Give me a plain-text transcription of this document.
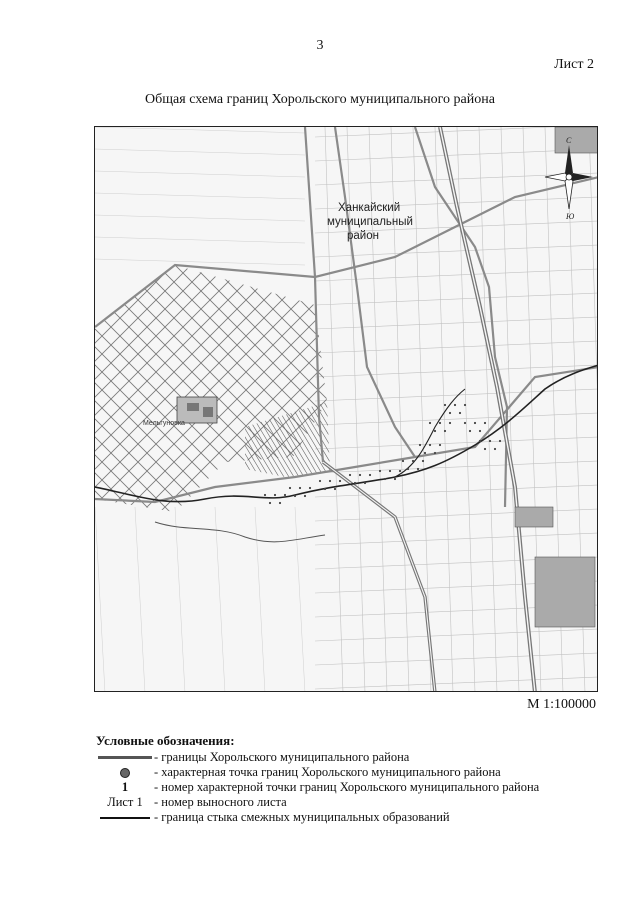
3
Лист 2
Общая схема границ Хорольского муниципального района
Мельгуновка
Ханкайский
муниципальный
район
С
Ю
М 1:100000
Условные обозначения:
- границы Хорольского муниципального района
- характерная точка границ Хорольского муниципального района
1	- номер характерной точки границ Хорольского муниципального района
Лист 1 - номер выносного листа
- граница стыка смежных муниципальных образований
